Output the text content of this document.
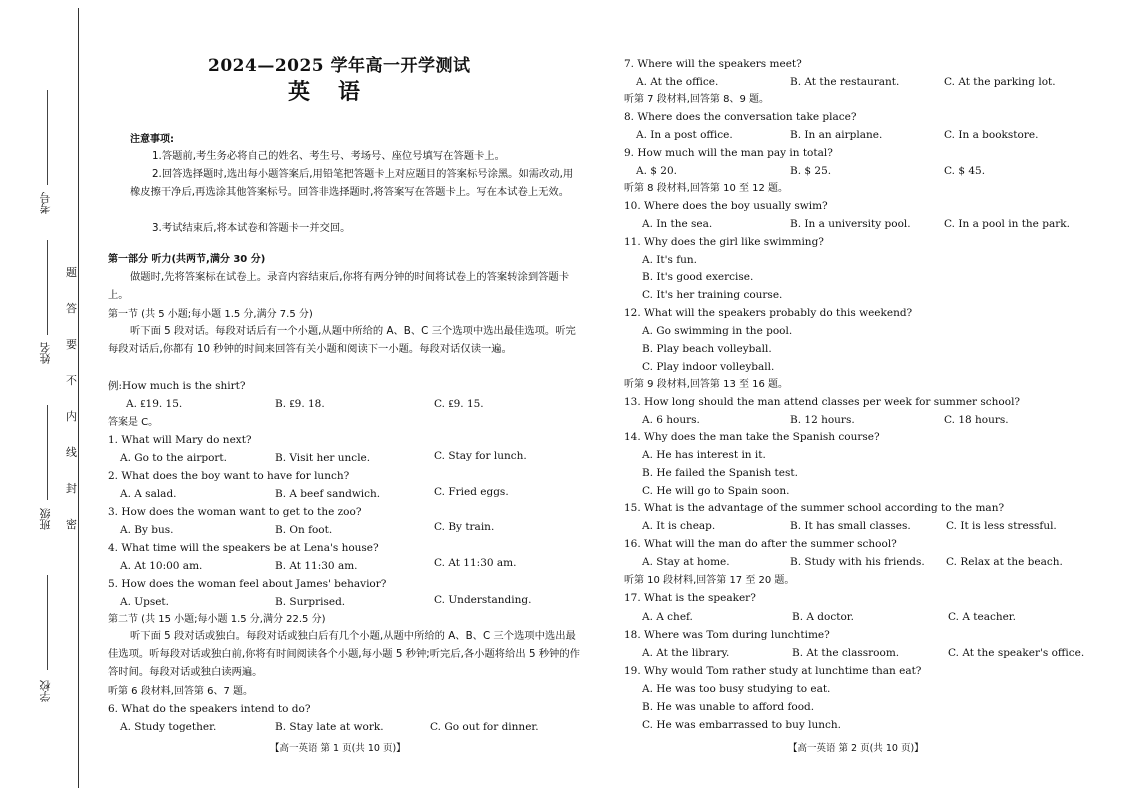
考号
姓名
班级
学校
题
答
要
不
内
线
封
密
2024—2025 学年高一开学测试
英语
注意事项:
1.答题前,考生务必将自己的姓名、考生号、考场号、座位号填写在答题卡上。
2.回答选择题时,选出每小题答案后,用铅笔把答题卡上对应题目的答案标号涂黑。如需改动,用橡皮擦干净后,再选涂其他答案标号。回答非选择题时,将答案写在答题卡上。写在本试卷上无效。
3.考试结束后,将本试卷和答题卡一并交回。
第一部分 听力(共两节,满分 30 分)
做题时,先将答案标在试卷上。录音内容结束后,你将有两分钟的时间将试卷上的答案转涂到答题卡上。
第一节 (共 5 小题;每小题 1.5 分,满分 7.5 分)
听下面 5 段对话。每段对话后有一个小题,从题中所给的 A、B、C 三个选项中选出最佳选项。听完每段对话后,你都有 10 秒钟的时间来回答有关小题和阅读下一小题。每段对话仅读一遍。
例:How much is the shirt?
A. ₤19. 15.	B. ₤9. 18.	C. ₤9. 15.
答案是 C。
1. What will Mary do next?
A. Go to the airport.	B. Visit her uncle.	C. Stay for lunch.
2. What does the boy want to have for lunch?
A. A salad.	B. A beef sandwich.	C. Fried eggs.
3. How does the woman want to get to the zoo?
A. By bus.	B. On foot.	C. By train.
4. What time will the speakers be at Lena's house?
A. At 10:00 am.	B. At 11:30 am.	C. At 11:30 am.
5. How does the woman feel about James' behavior?
A. Upset.	B. Surprised.	C. Understanding.
第二节 (共 15 小题;每小题 1.5 分,满分 22.5 分)
听下面 5 段对话或独白。每段对话或独白后有几个小题,从题中所给的 A、B、C 三个选项中选出最佳选项。听每段对话或独白前,你将有时间阅读各个小题,每小题 5 秒钟;听完后,各小题将给出 5 秒钟的作答时间。每段对话或独白读两遍。
听第 6 段材料,回答第 6、7 题。
6. What do the speakers intend to do?
A. Study together.	B. Stay late at work.	C. Go out for dinner.
【高一英语 第 1 页(共 10 页)】
7. Where will the speakers meet?
A. At the office.	B. At the restaurant.	C. At the parking lot.
听第 7 段材料,回答第 8、9 题。
8. Where does the conversation take place?
A. In a post office.	B. In an airplane.	C. In a bookstore.
9. How much will the man pay in total?
A. $ 20.	B. $ 25.	C. $ 45.
听第 8 段材料,回答第 10 至 12 题。
10. Where does the boy usually swim?
A. In the sea.	B. In a university pool.	C. In a pool in the park.
11. Why does the girl like swimming?
A. It's fun.
B. It's good exercise.
C. It's her training course.
12. What will the speakers probably do this weekend?
A. Go swimming in the pool.
B. Play beach volleyball.
C. Play indoor volleyball.
听第 9 段材料,回答第 13 至 16 题。
13. How long should the man attend classes per week for summer school?
A. 6 hours.	B. 12 hours.	C. 18 hours.
14. Why does the man take the Spanish course?
A. He has interest in it.
B. He failed the Spanish test.
C. He will go to Spain soon.
15. What is the advantage of the summer school according to the man?
A. It is cheap.	B. It has small classes.	C. It is less stressful.
16. What will the man do after the summer school?
A. Stay at home.	B. Study with his friends. C. Relax at the beach.
听第 10 段材料,回答第 17 至 20 题。
17. What is the speaker?
A. A chef.	B. A doctor.	C. A teacher.
18. Where was Tom during lunchtime?
A. At the library.	B. At the classroom.	C. At the speaker's office.
19. Why would Tom rather study at lunchtime than eat?
A. He was too busy studying to eat.
B. He was unable to afford food.
C. He was embarrassed to buy lunch.
【高一英语 第 2 页(共 10 页)】
